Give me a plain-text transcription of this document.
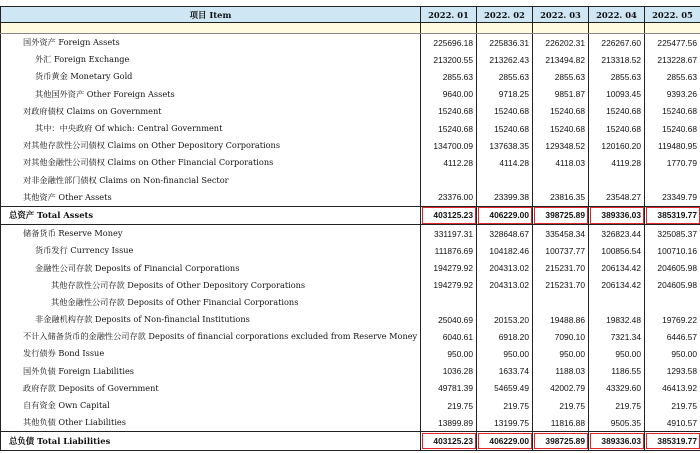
项目 Item	2022. 01	2022. 02	2022. 03	2022. 04	2022. 05

国外资产 Foreign Assets	225696.18	225836.31	226202.31	226267.60	225477.56
外汇 Foreign Exchange	213200.55	213262.43	213494.82	213318.52	213228.67
货币黄金 Monetary Gold	2855.63	2855.63	2855.63	2855.63	2855.63
其他国外资产 Other Foreign Assets	9640.00	9718.25	9851.87	10093.45	9393.26
对政府债权 Claims on Government	15240.68	15240.68	15240.68	15240.68	15240.68
其中：中央政府 Of which: Central Government	15240.68	15240.68	15240.68	15240.68	15240.68
对其他存款性公司债权 Claims on Other Depository Corporations	134700.09	137638.35	129348.52	120160.20	119480.95
对其他金融性公司债权 Claims on Other Financial Corporations	4112.28	4114.28	4118.03	4119.28	1770.79
对非金融性部门债权 Claims on Non-financial Sector					
其他资产 Other Assets	23376.00	23399.38	23816.35	23548.27	23349.79
总资产 Total Assets	403125.23	406229.00	398725.89	389336.03	385319.77
储备货币 Reserve Money	331197.31	328648.67	335458.34	326823.44	325085.37
货币发行 Currency Issue	111876.69	104182.46	100737.77	100856.54	100710.16
金融性公司存款 Deposits of Financial Corporations	194279.92	204313.02	215231.70	206134.42	204605.98
其他存款性公司存款 Deposits of Other Depository Corporations	194279.92	204313.02	215231.70	206134.42	204605.98
其他金融性公司存款 Deposits of Other Financial Corporations					
非金融机构存款 Deposits of Non-financial Institutions	25040.69	20153.20	19488.86	19832.48	19769.22
不计入储备货币的金融性公司存款 Deposits of financial corporations excluded from Reserve Money	6040.61	6918.20	7090.10	7321.34	6446.57
发行债券 Bond Issue	950.00	950.00	950.00	950.00	950.00
国外负债 Foreign Liabilities	1036.28	1633.74	1188.03	1186.55	1293.58
政府存款 Deposits of Government	49781.39	54659.49	42002.79	43329.60	46413.92
自有资金 Own Capital	219.75	219.75	219.75	219.75	219.75
其他负债 Other Liabilities	13899.89	13199.75	11816.88	9505.35	4910.57
总负债 Total Liabilities	403125.23	406229.00	398725.89	389336.03	385319.77
